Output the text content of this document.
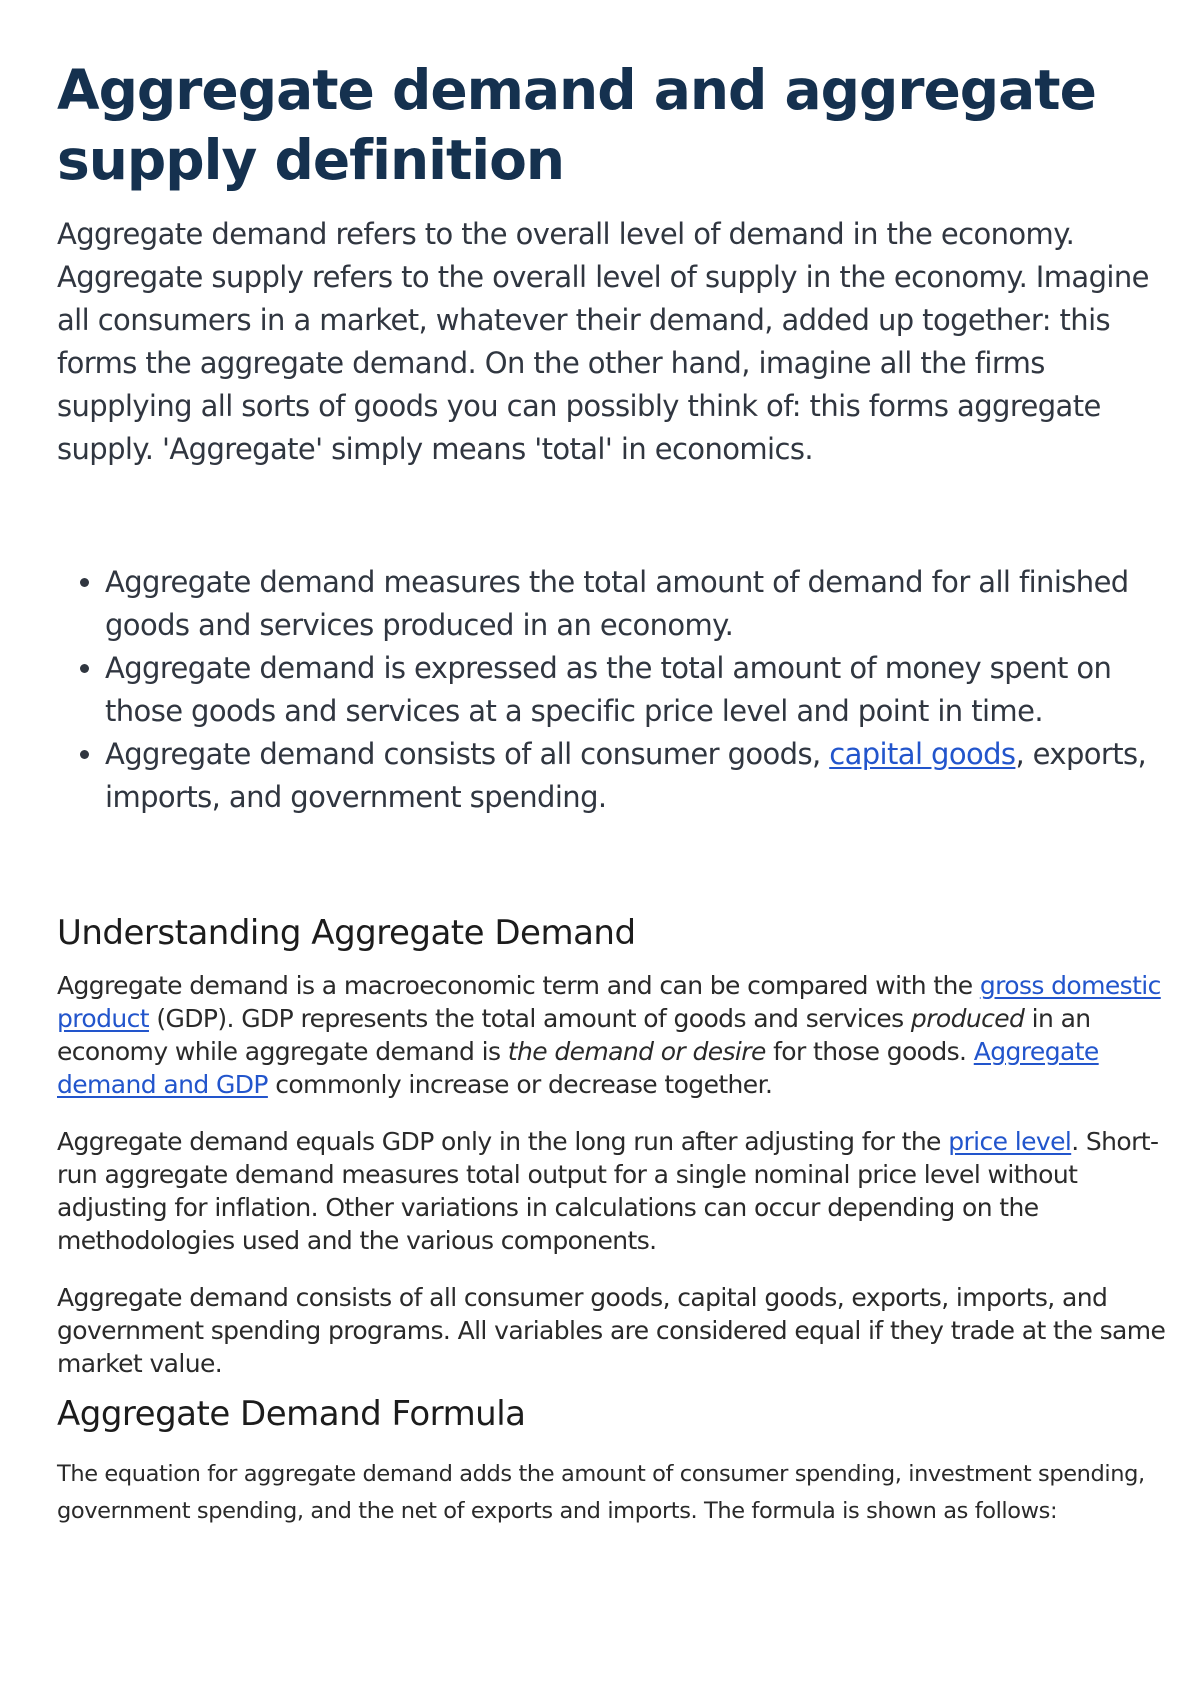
Aggregate demand and aggregate supply definition

Aggregate demand refers to the overall level of demand in the economy. Aggregate supply refers to the overall level of supply in the economy. Imagine all consumers in a market, whatever their demand, added up together: this forms the aggregate demand. On the other hand, imagine all the firms supplying all sorts of goods you can possibly think of: this forms aggregate supply. 'Aggregate' simply means 'total' in economics.

• Aggregate demand measures the total amount of demand for all finished goods and services produced in an economy.
• Aggregate demand is expressed as the total amount of money spent on those goods and services at a specific price level and point in time.
• Aggregate demand consists of all consumer goods, capital goods, exports, imports, and government spending.
Understanding Aggregate Demand

Aggregate demand is a macroeconomic term and can be compared with the gross domestic product (GDP). GDP represents the total amount of goods and services produced in an economy while aggregate demand is the demand or desire for those goods. Aggregate demand and GDP commonly increase or decrease together.

Aggregate demand equals GDP only in the long run after adjusting for the price level. Short-run aggregate demand measures total output for a single nominal price level without adjusting for inflation. Other variations in calculations can occur depending on the methodologies used and the various components.

Aggregate demand consists of all consumer goods, capital goods, exports, imports, and government spending programs. All variables are considered equal if they trade at the same market value.

Aggregate Demand Formula

The equation for aggregate demand adds the amount of consumer spending, investment spending, government spending, and the net of exports and imports. The formula is shown as follows:
